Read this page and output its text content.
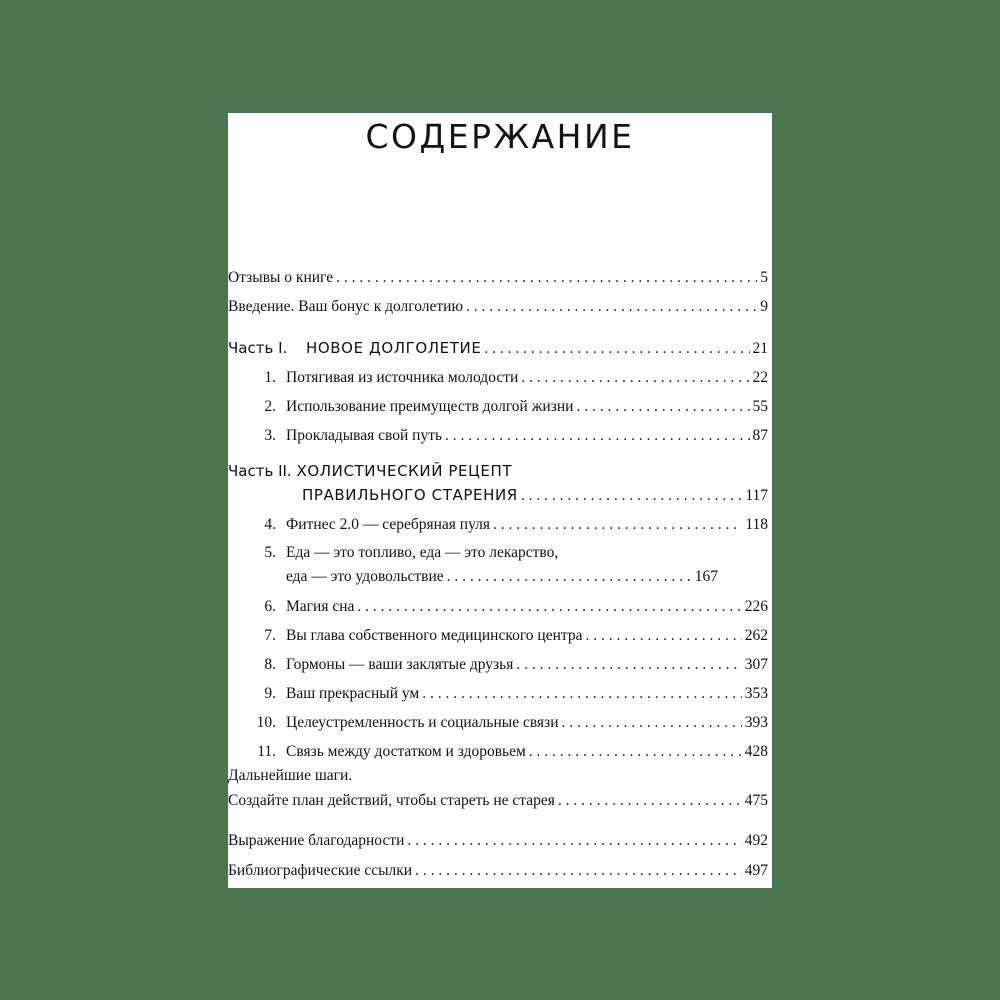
СОДЕРЖАНИЕ
Отзывы о книге . . .	5
Введение. Ваш бонус к долголетию . . .	9
Часть I.	НОВОЕ ДОЛГОЛЕТИЕ . . .	21
1. Потягивая из источника молодости . . .	22
2. Использование преимуществ долгой жизни . . .	55
3. Прокладывая свой путь . . .	87
Часть II. ХОЛИСТИЧЕСКИЙ РЕЦЕПТ
ПРАВИЛЬНОГО СТАРЕНИЯ . . .	117
4. Фитнес 2.0 — серебряная пуля . . .	118
5. Еда — это топливо, еда — это лекарство,
еда — это удовольствие . . .	167
6. Магия сна . . .	226
7. Вы глава собственного медицинского центра . . .	262
8. Гормоны — ваши заклятые друзья . . .	307
9. Ваш прекрасный ум . . .	353
10. Целеустремленность и социальные связи . . .	393
11. Связь между достатком и здоровьем . . .	428
Дальнейшие шаги.
Создайте план действий, чтобы стареть не старея . . .	475
Выражение благодарности . . .	492
Библиографические ссылки . . .	497
